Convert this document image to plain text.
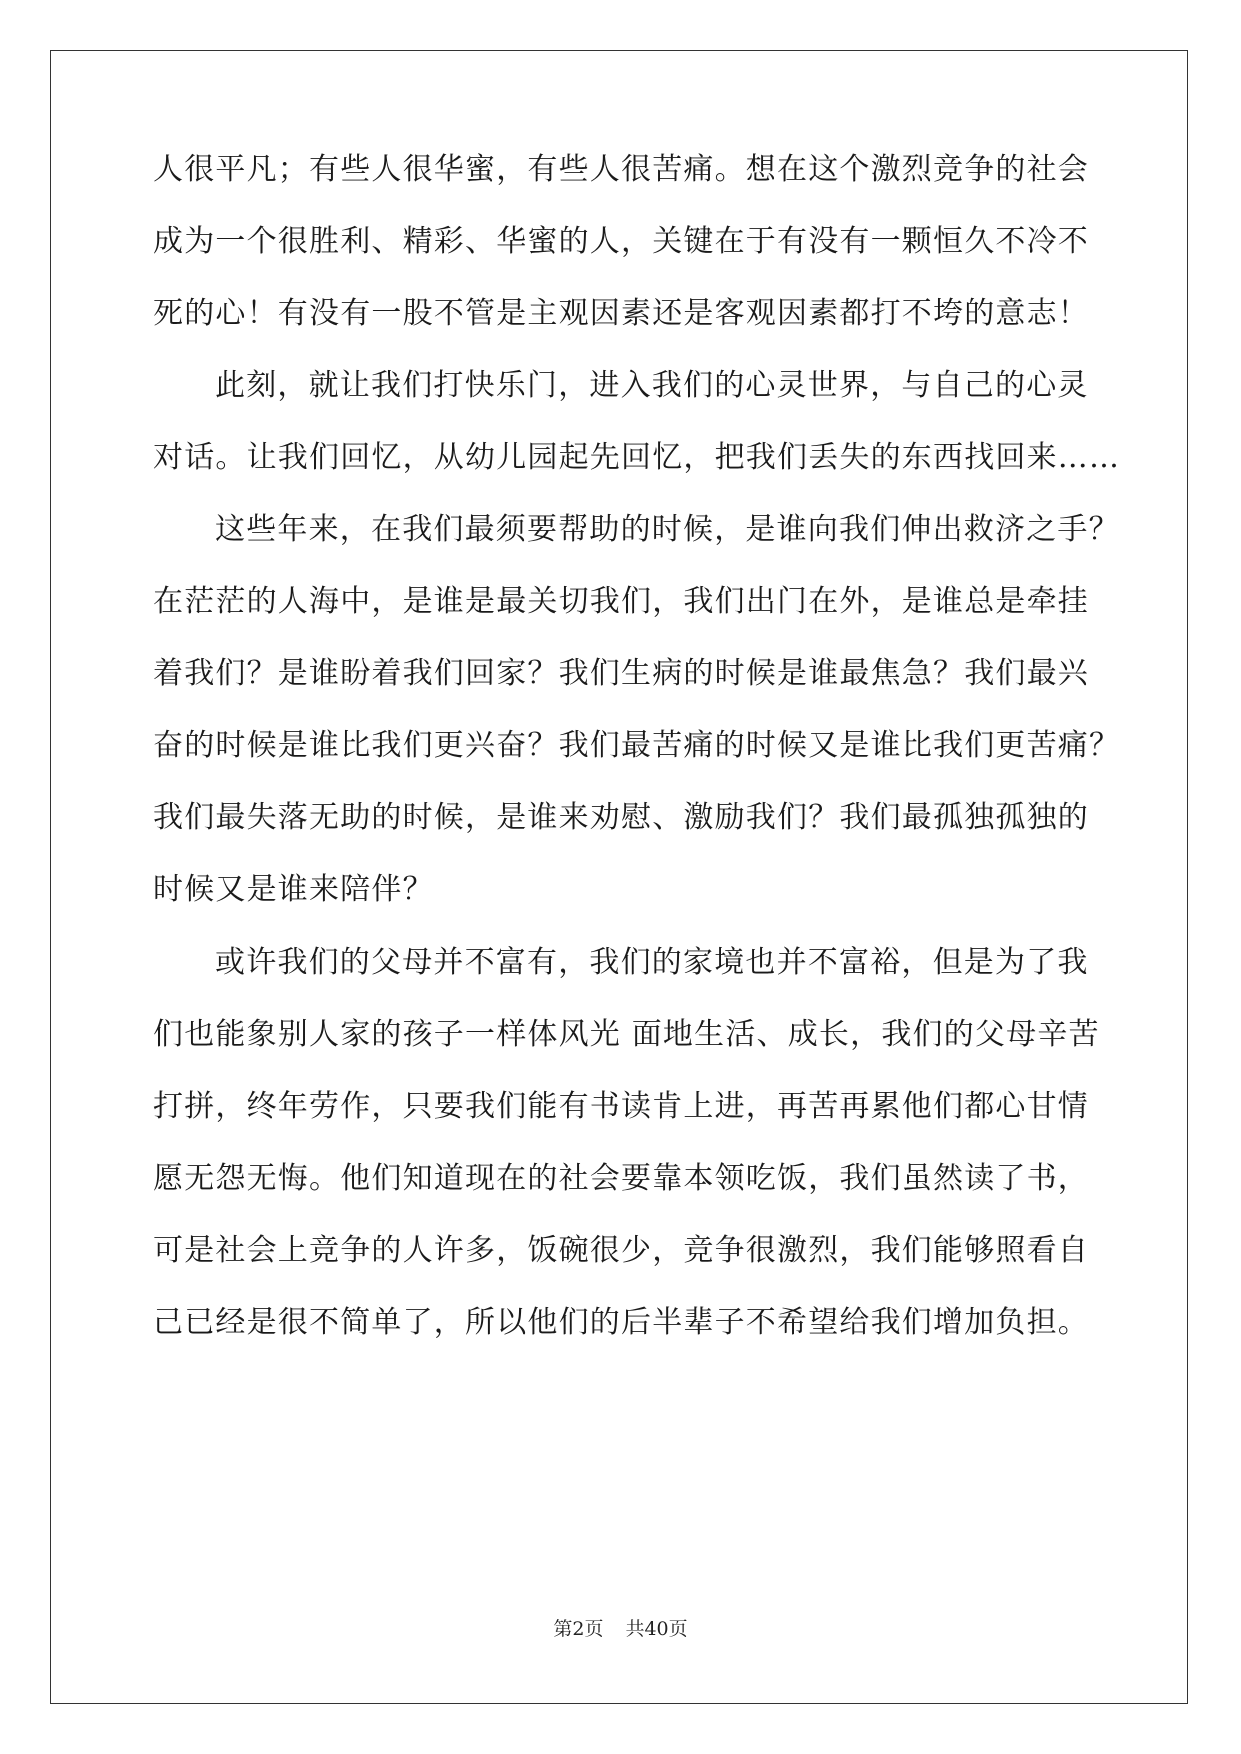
人很平凡；有些人很华蜜，有些人很苦痛。想在这个激烈竞争的社会
成为一个很胜利、精彩、华蜜的人，关键在于有没有一颗恒久不冷不
死的心！有没有一股不管是主观因素还是客观因素都打不垮的意志！
此刻，就让我们打快乐门，进入我们的心灵世界，与自己的心灵
对话。让我们回忆，从幼儿园起先回忆，把我们丢失的东西找回来……
这些年来，在我们最须要帮助的时候，是谁向我们伸出救济之手？
在茫茫的人海中，是谁是最关切我们，我们出门在外，是谁总是牵挂
着我们？是谁盼着我们回家？我们生病的时候是谁最焦急？我们最兴
奋的时候是谁比我们更兴奋？我们最苦痛的时候又是谁比我们更苦痛？
我们最失落无助的时候，是谁来劝慰、激励我们？我们最孤独孤独的
时候又是谁来陪伴？
或许我们的父母并不富有，我们的家境也并不富裕，但是为了我
们也能象别人家的孩子一样体风光 面地生活、成长，我们的父母辛苦
打拼，终年劳作，只要我们能有书读肯上进，再苦再累他们都心甘情
愿无怨无悔。他们知道现在的社会要靠本领吃饭，我们虽然读了书，
可是社会上竞争的人许多，饭碗很少，竞争很激烈，我们能够照看自
己已经是很不简单了，所以他们的后半辈子不希望给我们增加负担。
第2页 共40页
